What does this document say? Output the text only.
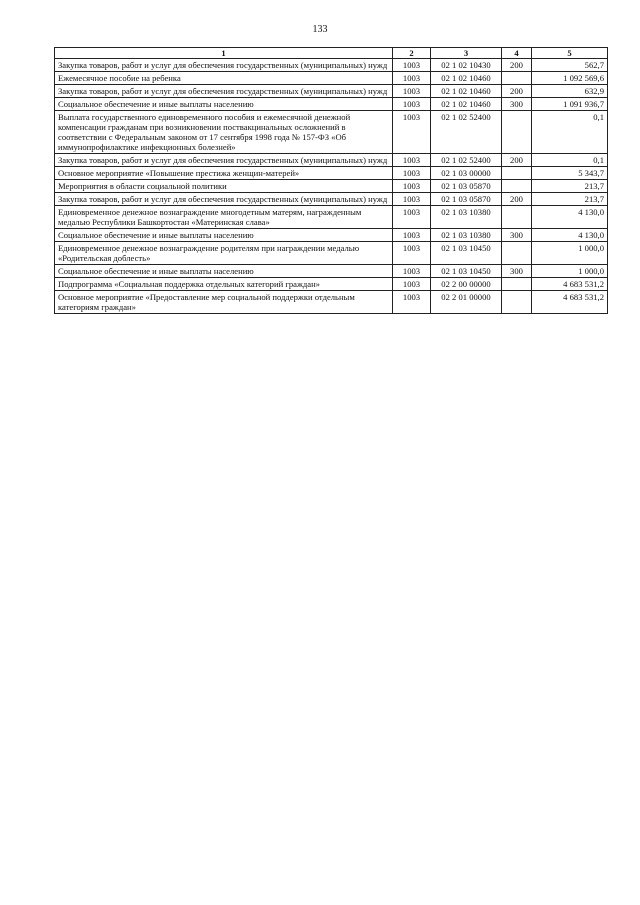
133
1	2	3	4	5
Закупка товаров, работ и услуг для обеспечения государственных (муниципальных) нужд	1003	02 1 02 10430	200	562,7
Ежемесячное пособие на ребенка	1003	02 1 02 10460		1 092 569,6
Закупка товаров, работ и услуг для обеспечения государственных (муниципальных) нужд	1003	02 1 02 10460	200	632,9
Социальное обеспечение и иные выплаты населению	1003	02 1 02 10460	300	1 091 936,7
Выплата государственного единовременного пособия и ежемесячной денежной компенсации гражданам при возникновении поствакцинальных осложнений в соответствии с Федеральным законом от 17 сентября 1998 года № 157-ФЗ «Об иммунопрофилактике инфекционных болезней»	1003	02 1 02 52400		0,1
Закупка товаров, работ и услуг для обеспечения государственных (муниципальных) нужд	1003	02 1 02 52400	200	0,1
Основное мероприятие «Повышение престижа женщин-матерей»	1003	02 1 03 00000		5 343,7
Мероприятия в области социальной политики	1003	02 1 03 05870		213,7
Закупка товаров, работ и услуг для обеспечения государственных (муниципальных) нужд	1003	02 1 03 05870	200	213,7
Единовременное денежное вознаграждение многодетным матерям, награжденным медалью Республики Башкортостан «Материнская слава»	1003	02 1 03 10380		4 130,0
Социальное обеспечение и иные выплаты населению	1003	02 1 03 10380	300	4 130,0
Единовременное денежное вознаграждение родителям при награждении медалью «Родительская доблесть»	1003	02 1 03 10450		1 000,0
Социальное обеспечение и иные выплаты населению	1003	02 1 03 10450	300	1 000,0
Подпрограмма «Социальная поддержка отдельных категорий граждан»	1003	02 2 00 00000		4 683 531,2
Основное мероприятие «Предоставление мер социальной поддержки отдельным категориям граждан»	1003	02 2 01 00000		4 683 531,2
